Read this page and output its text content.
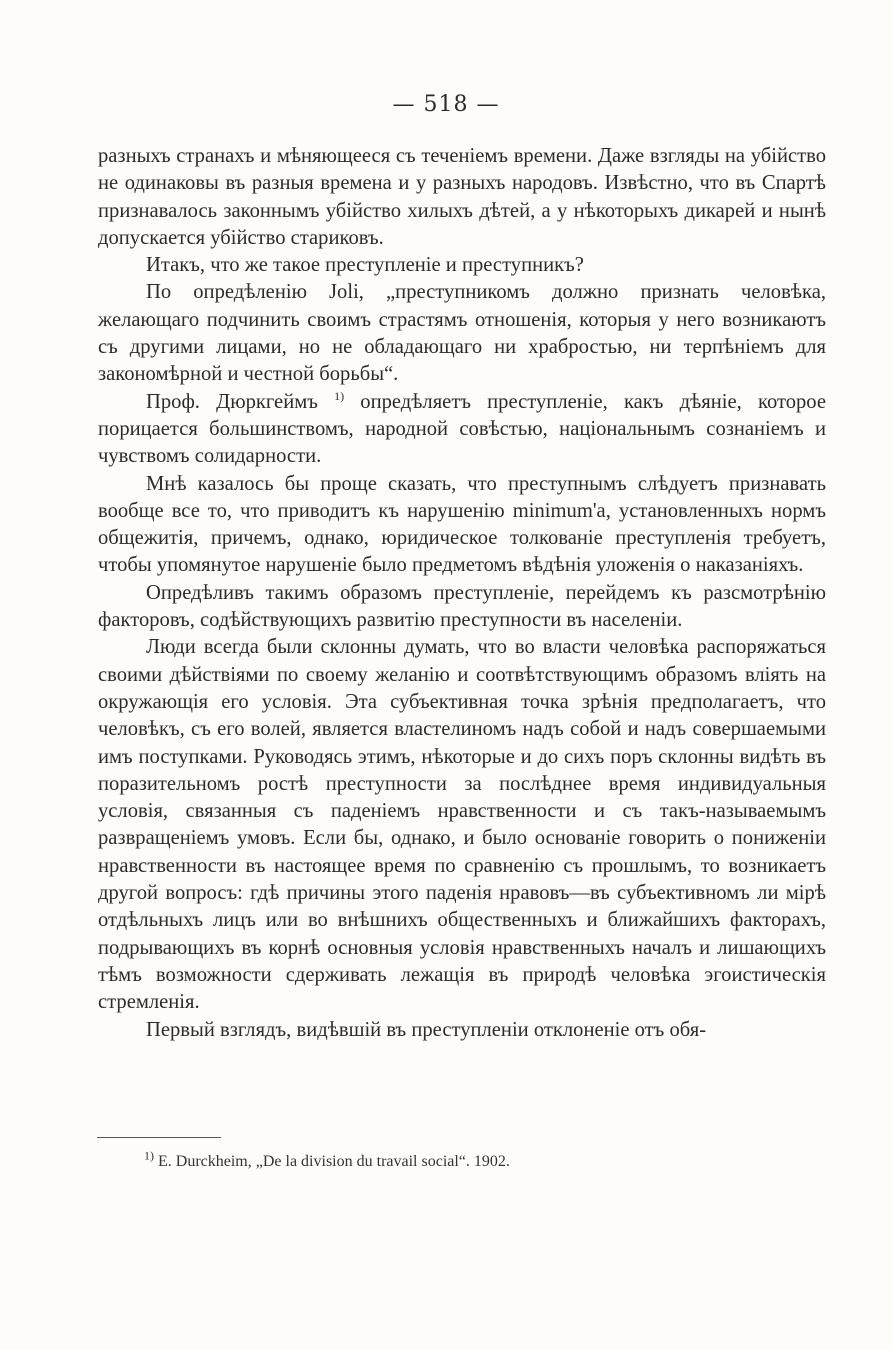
— 518 —

разныхъ странахъ и мѣняющееся съ теченіемъ времени. Даже взгляды на убійство не одинаковы въ разныя времена и у разныхъ народовъ. Извѣстно, что въ Спартѣ признавалось законнымъ убійство хилыхъ дѣтей, а у нѣкоторыхъ дикарей и нынѣ допускается убійство стариковъ.

Итакъ, что же такое преступленіе и преступникъ?

По опредѣленію Joli, „преступникомъ должно признать человѣка, желающаго подчинить своимъ страстямъ отношенія, которыя у него возникаютъ съ другими лицами, но не обладающаго ни храбростью, ни терпѣніемъ для закономѣрной и честной борьбы“.

Проф. Дюркгеймъ $^{1)}$ опредѣляетъ преступленіе, какъ дѣяніе, которое порицается большинствомъ, народной совѣстью, національнымъ сознаніемъ и чувствомъ солидарности.

Мнѣ казалось бы проще сказать, что преступнымъ слѣдуетъ признавать вообще все то, что приводитъ къ нарушенію minimum'а, установленныхъ нормъ общежитія, причемъ, однако, юридическое толкованіе преступленія требуетъ, чтобы упомянутое нарушеніе было предметомъ вѣдѣнія уложенія о наказаніяхъ.

Опредѣливъ такимъ образомъ преступленіе, перейдемъ къ разсмотрѣнію факторовъ, содѣйствующихъ развитію преступности въ населеніи.

Люди всегда были склонны думать, что во власти человѣка распоряжаться своими дѣйствіями по своему желанію и соотвѣтствующимъ образомъ вліять на окружающія его условія. Эта субъективная точка зрѣнія предполагаетъ, что человѣкъ, съ его волей, является властелиномъ надъ собой и надъ совершаемыми имъ поступками. Руководясь этимъ, нѣкоторые и до сихъ поръ склонны видѣть въ поразительномъ ростѣ преступности за послѣднее время индивидуальныя условія, связанныя съ паденіемъ нравственности и съ такъ-называемымъ развращеніемъ умовъ. Если бы, однако, и было основаніе говорить о пониженіи нравственности въ настоящее время по сравненію съ прошлымъ, то возникаетъ другой вопросъ: гдѣ причины этого паденія нравовъ—въ субъективномъ ли мірѣ отдѣльныхъ лицъ или во внѣшнихъ общественныхъ и ближайшихъ факторахъ, подрывающихъ въ корнѣ основныя условія нравственныхъ началъ и лишающихъ тѣмъ возможности сдерживать лежащія въ природѣ человѣка эгоистическія стремленія.

Первый взглядъ, видѣвшій въ преступленіи отклоненіе отъ обя-

$^{1)}$ E. Durckheim, „De la division du travail social“. 1902.
